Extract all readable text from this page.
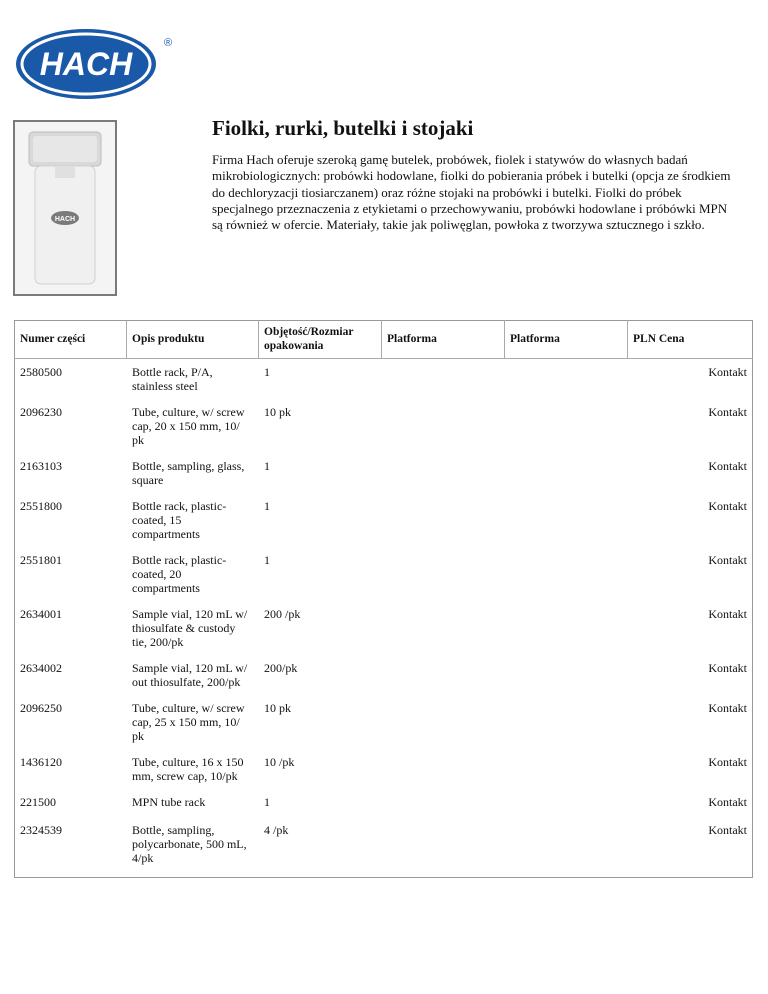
HACH
®
HACH
Fiolki, rurki, butelki i stojaki

Firma Hach oferuje szeroką gamę butelek, probówek, fiolek i statywów do własnych badań mikrobiologicznych: probówki hodowlane, fiolki do pobierania próbek i butelki (opcja ze środkiem do dechloryzacji tiosiarczanem) oraz różne stojaki na probówki i butelki. Fiolki do próbek specjalnego przeznaczenia z etykietami o przechowywaniu, probówki hodowlane i próbówki MPN są również w ofercie. Materiały, takie jak poliwęglan, powłoka z tworzywa sztucznego i szkło.

Numer części	Opis produktu	Objętość/Rozmiar opakowania	Platforma	Platforma	PLN Cena
2580500	Bottle rack, P/A, stainless steel	1			Kontakt
2096230	Tube, culture, w/ screw cap, 20 x 150 mm, 10/ pk	10 pk			Kontakt
2163103	Bottle, sampling, glass, square	1			Kontakt
2551800	Bottle rack, plastic-coated, 15 compartments	1			Kontakt
2551801	Bottle rack, plastic-coated, 20 compartments	1			Kontakt
2634001	Sample vial, 120 mL w/ thiosulfate & custody tie, 200/pk	200 /pk			Kontakt
2634002	Sample vial, 120 mL w/ out thiosulfate, 200/pk	200/pk			Kontakt
2096250	Tube, culture, w/ screw cap, 25 x 150 mm, 10/ pk	10 pk			Kontakt
1436120	Tube, culture, 16 x 150 mm, screw cap, 10/pk	10 /pk			Kontakt
221500	MPN tube rack	1			Kontakt
2324539	Bottle, sampling, polycarbonate, 500 mL, 4/pk	4 /pk			Kontakt
